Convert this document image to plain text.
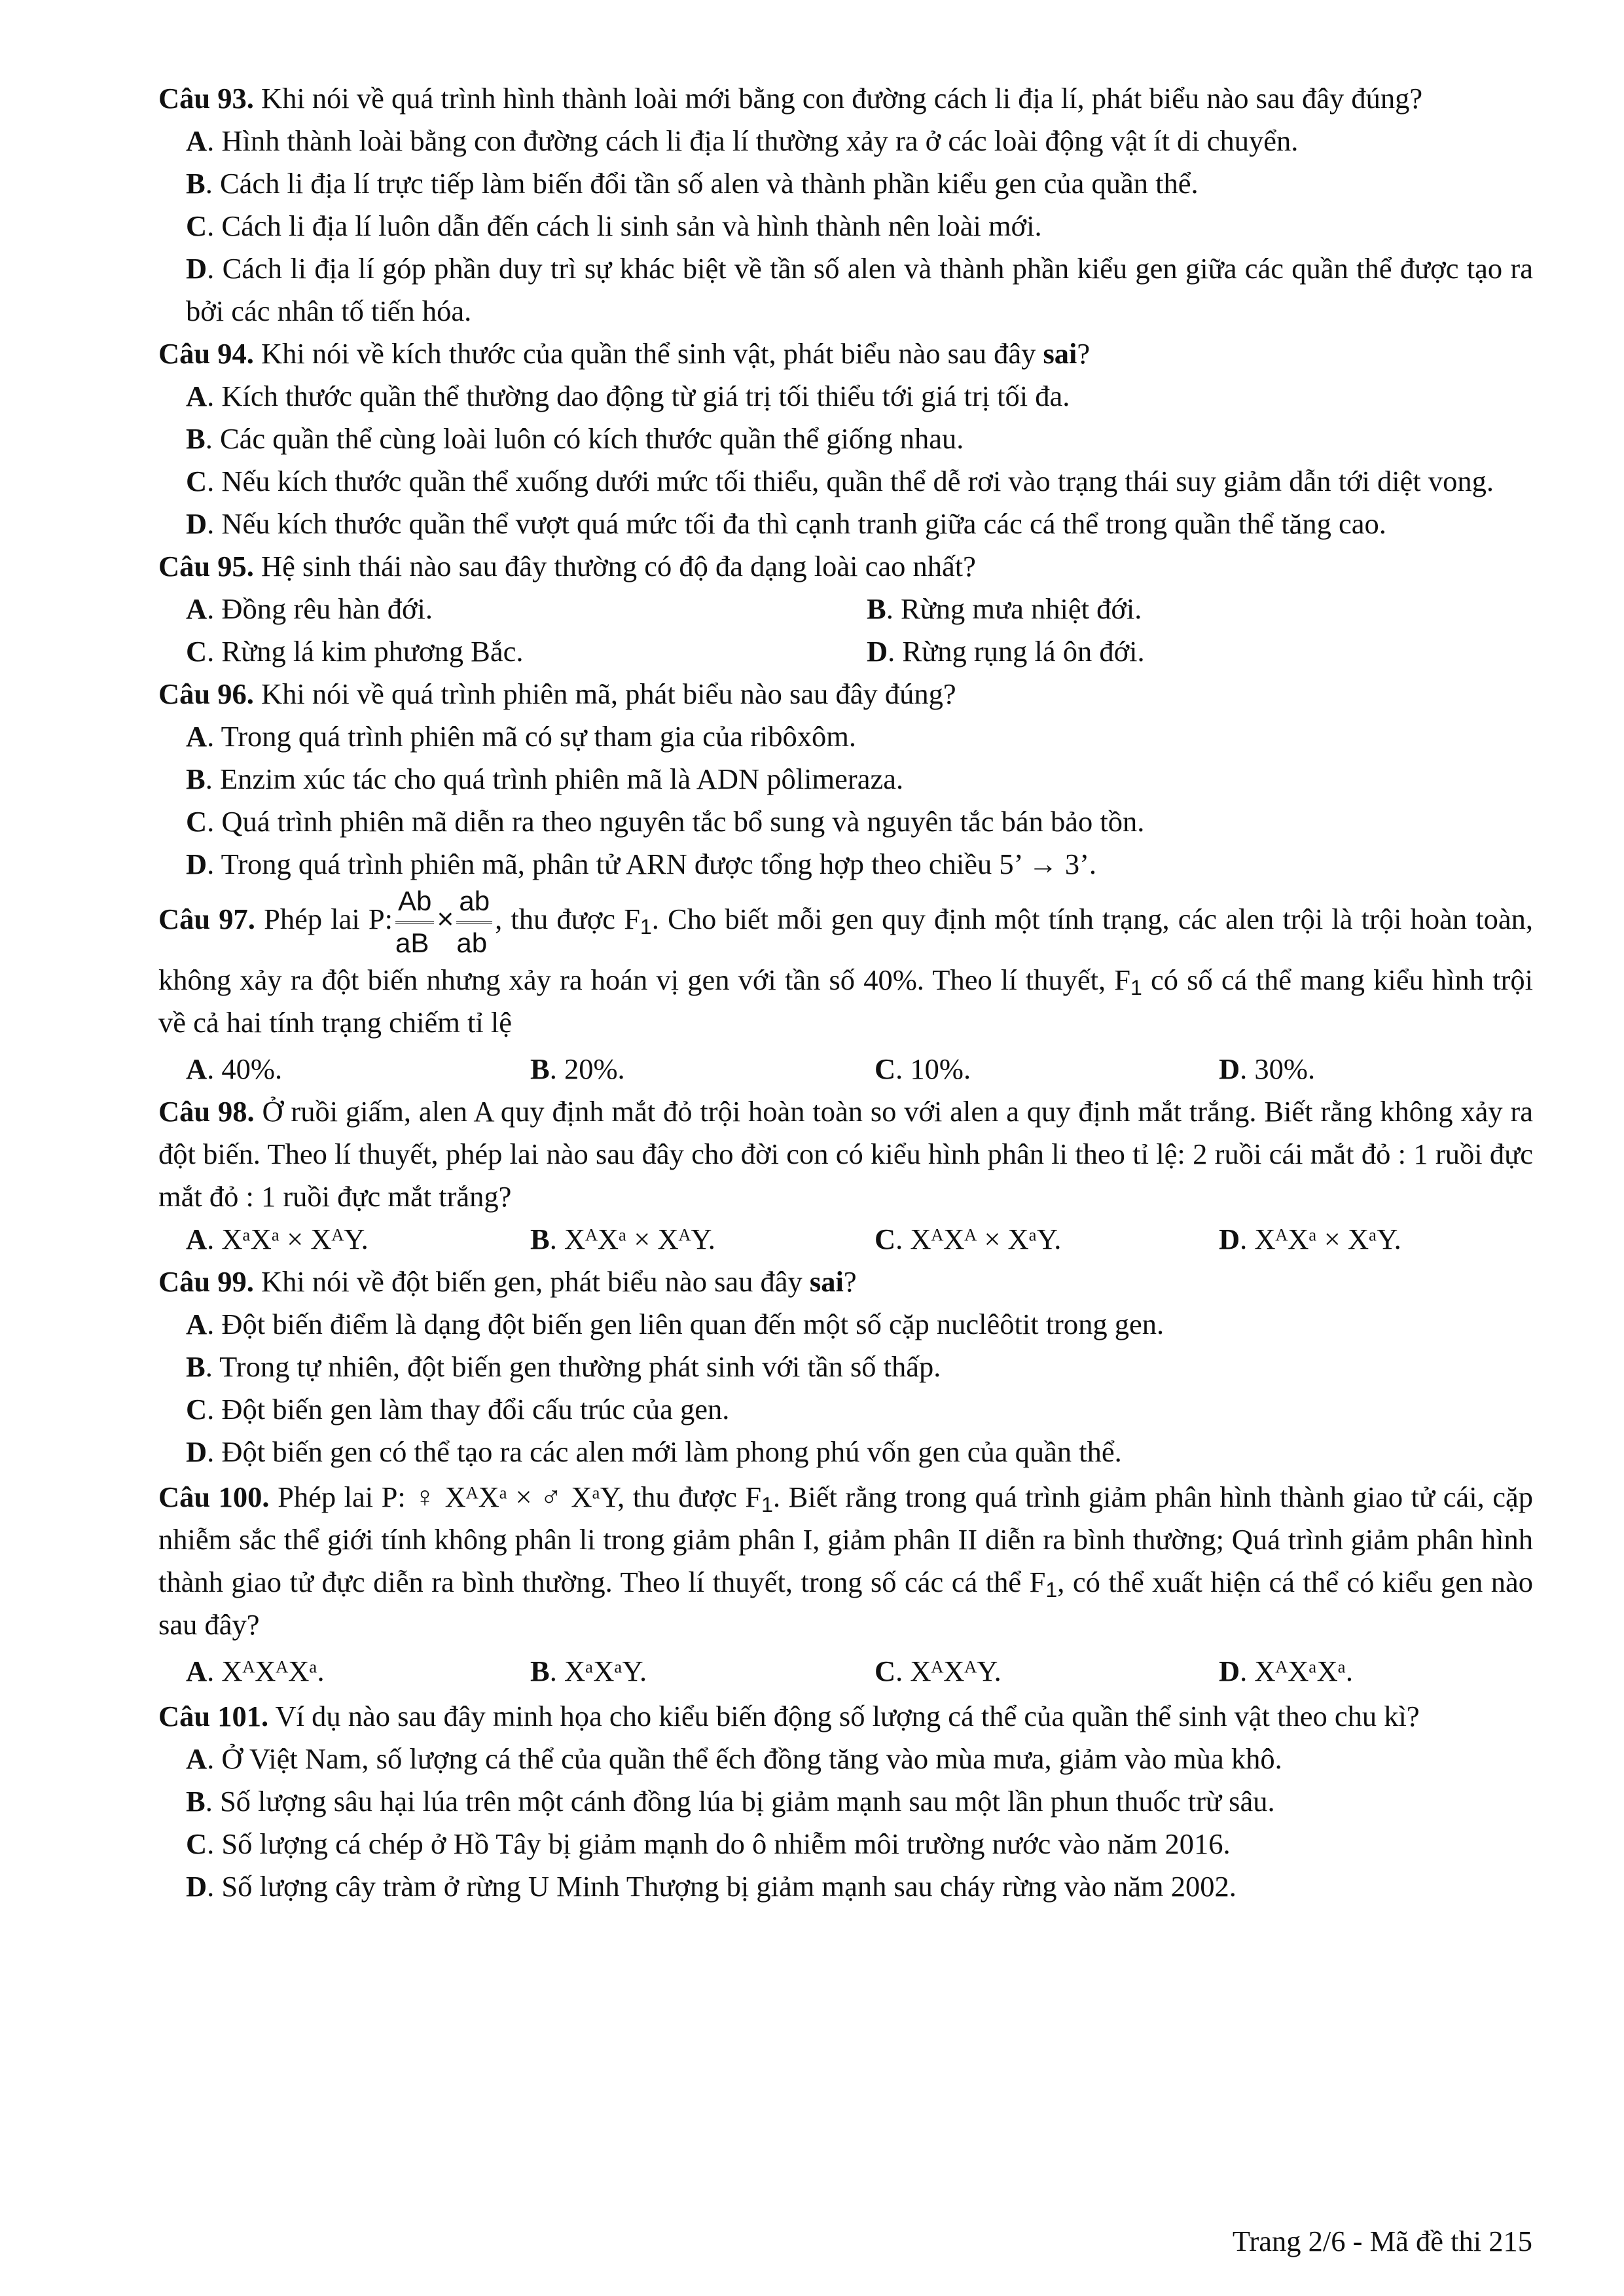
Câu 93. Khi nói về quá trình hình thành loài mới bằng con đường cách li địa lí, phát biểu nào sau đây đúng?
A. Hình thành loài bằng con đường cách li địa lí thường xảy ra ở các loài động vật ít di chuyển.
B. Cách li địa lí trực tiếp làm biến đổi tần số alen và thành phần kiểu gen của quần thể.
C. Cách li địa lí luôn dẫn đến cách li sinh sản và hình thành nên loài mới.
D. Cách li địa lí góp phần duy trì sự khác biệt về tần số alen và thành phần kiểu gen giữa các quần thể được tạo ra bởi các nhân tố tiến hóa.
Câu 94. Khi nói về kích thước của quần thể sinh vật, phát biểu nào sau đây sai?
A. Kích thước quần thể thường dao động từ giá trị tối thiểu tới giá trị tối đa.
B. Các quần thể cùng loài luôn có kích thước quần thể giống nhau.
C. Nếu kích thước quần thể xuống dưới mức tối thiểu, quần thể dễ rơi vào trạng thái suy giảm dẫn tới diệt vong.
D. Nếu kích thước quần thể vượt quá mức tối đa thì cạnh tranh giữa các cá thể trong quần thể tăng cao.
Câu 95. Hệ sinh thái nào sau đây thường có độ đa dạng loài cao nhất?
A. Đồng rêu hàn đới.	B. Rừng mưa nhiệt đới.
C. Rừng lá kim phương Bắc.	D. Rừng rụng lá ôn đới.
Câu 96. Khi nói về quá trình phiên mã, phát biểu nào sau đây đúng?
A. Trong quá trình phiên mã có sự tham gia của ribôxôm.
B. Enzim xúc tác cho quá trình phiên mã là ADN pôlimeraza.
C. Quá trình phiên mã diễn ra theo nguyên tắc bổ sung và nguyên tắc bán bảo tồn.
D. Trong quá trình phiên mã, phân tử ARN được tổng hợp theo chiều 5’ → 3’.
Câu 97. Phép lai P: $\frac{Ab}{aB} \times \frac{ab}{ab}$ , thu được $F_1$. Cho biết mỗi gen quy định một tính trạng, các alen trội là trội hoàn toàn, không xảy ra đột biến nhưng xảy ra hoán vị gen với tần số 40%. Theo lí thuyết, $F_1$ có số cá thể mang kiểu hình trội về cả hai tính trạng chiếm tỉ lệ
A. 40%.	B. 20%.	C. 10%.	D. 30%.
Câu 98. Ở ruồi giấm, alen A quy định mắt đỏ trội hoàn toàn so với alen a quy định mắt trắng. Biết rằng không xảy ra đột biến. Theo lí thuyết, phép lai nào sau đây cho đời con có kiểu hình phân li theo tỉ lệ: 2 ruồi cái mắt đỏ : 1 ruồi đực mắt đỏ : 1 ruồi đực mắt trắng?
A. XᵃXᵃ × XᴬY.	B. XᴬXᵃ × XᴬY.	C. XᴬXᴬ × XᵃY.	D. XᴬXᵃ × XᵃY.
Câu 99. Khi nói về đột biến gen, phát biểu nào sau đây sai?
A. Đột biến điểm là dạng đột biến gen liên quan đến một số cặp nuclêôtit trong gen.
B. Trong tự nhiên, đột biến gen thường phát sinh với tần số thấp.
C. Đột biến gen làm thay đổi cấu trúc của gen.
D. Đột biến gen có thể tạo ra các alen mới làm phong phú vốn gen của quần thể.
Câu 100. Phép lai P: ♀ XᴬXᵃ × ♂ XᵃY, thu được $F_1$. Biết rằng trong quá trình giảm phân hình thành giao tử cái, cặp nhiễm sắc thể giới tính không phân li trong giảm phân I, giảm phân II diễn ra bình thường; Quá trình giảm phân hình thành giao tử đực diễn ra bình thường. Theo lí thuyết, trong số các cá thể $F_1$, có thể xuất hiện cá thể có kiểu gen nào sau đây?
A. XᴬXᴬXᵃ.	B. XᵃXᵃY.	C. XᴬXᴬY.	D. XᴬXᵃXᵃ.
Câu 101. Ví dụ nào sau đây minh họa cho kiểu biến động số lượng cá thể của quần thể sinh vật theo chu kì?
A. Ở Việt Nam, số lượng cá thể của quần thể ếch đồng tăng vào mùa mưa, giảm vào mùa khô.
B. Số lượng sâu hại lúa trên một cánh đồng lúa bị giảm mạnh sau một lần phun thuốc trừ sâu.
C. Số lượng cá chép ở Hồ Tây bị giảm mạnh do ô nhiễm môi trường nước vào năm 2016.
D. Số lượng cây tràm ở rừng U Minh Thượng bị giảm mạnh sau cháy rừng vào năm 2002.
Trang 2/6 - Mã đề thi 215
